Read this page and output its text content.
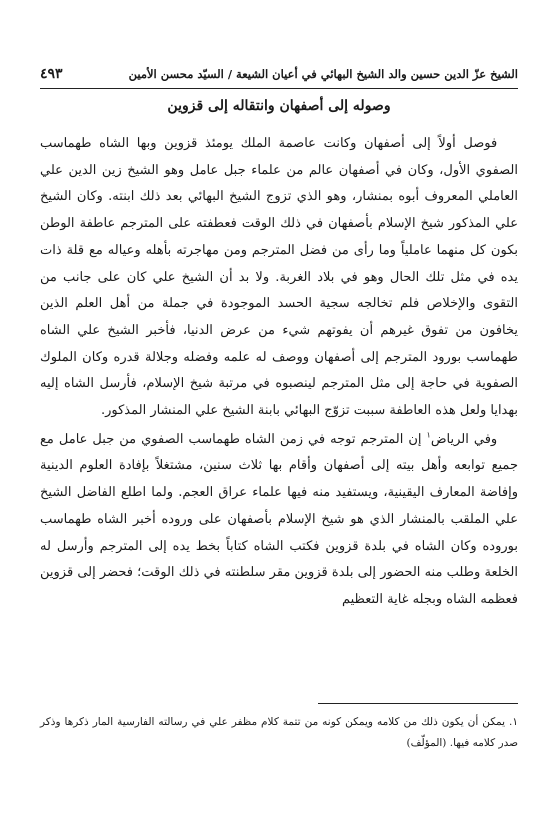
الشيخ عزّ الدين حسين والد الشيخ البهائي في أعيان الشيعة / السيّد محسن الأمين
٤٩٣
وصوله إلى أصفهان وانتقاله إلى قزوين

فوصل أولاً إلى أصفهان وكانت عاصمة الملك يومئذ قزوين وبها الشاه طهماسب الصفوي الأول، وكان في أصفهان عالم من علماء جبل عامل وهو الشيخ زين الدين علي العاملي المعروف أبوه بمنشار، وهو الذي تزوج الشيخ البهائي بعد ذلك ابنته. وكان الشيخ علي المذكور شيخ الإسلام بأصفهان في ذلك الوقت فعطفته على المترجم عاطفة الوطن بكون كل منهما عاملياً وما رأى من فضل المترجم ومن مهاجرته بأهله وعياله مع قلة ذات يده في مثل تلك الحال وهو في بلاد الغربة. ولا بد أن الشيخ علي كان على جانب من التقوى والإخلاص فلم تخالجه سجية الحسد الموجودة في جملة من أهل العلم الذين يخافون من تفوق غيرهم أن يفوتهم شيء من عرض الدنيا، فأخبر الشيخ علي الشاه طهماسب بورود المترجم إلى أصفهان ووصف له علمه وفضله وجلالة قدره وكان الملوك الصفوية في حاجة إلى مثل المترجم لينصبوه في مرتبة شيخ الإسلام، فأرسل الشاه إليه بهدايا ولعل هذه العاطفة سببت تزوّج البهائي بابنة الشيخ علي المنشار المذكور.

وفي الرياض$^١$ إن المترجم توجه في زمن الشاه طهماسب الصفوي من جبل عامل مع جميع توابعه وأهل بيته إلى أصفهان وأقام بها ثلاث سنين، مشتغلاً بإفادة العلوم الدينية وإفاضة المعارف اليقينية، ويستفيد منه فيها علماء عراق العجم. ولما اطلع الفاضل الشيخ علي الملقب بالمنشار الذي هو شيخ الإسلام بأصفهان على وروده أخبر الشاه طهماسب بوروده وكان الشاه في بلدة قزوين فكتب الشاه كتاباً بخط يده إلى المترجم وأرسل له الخلعة وطلب منه الحضور إلى بلدة قزوين مقر سلطنته في ذلك الوقت؛ فحضر إلى قزوين فعظمه الشاه وبجله غاية التعظيم

١. يمكن أن يكون ذلك من كلامه ويمكن كونه من تتمة كلام مظفر علي في رسالته الفارسية المار ذكرها وذكر صدر كلامه فيها. (المؤلّف)
